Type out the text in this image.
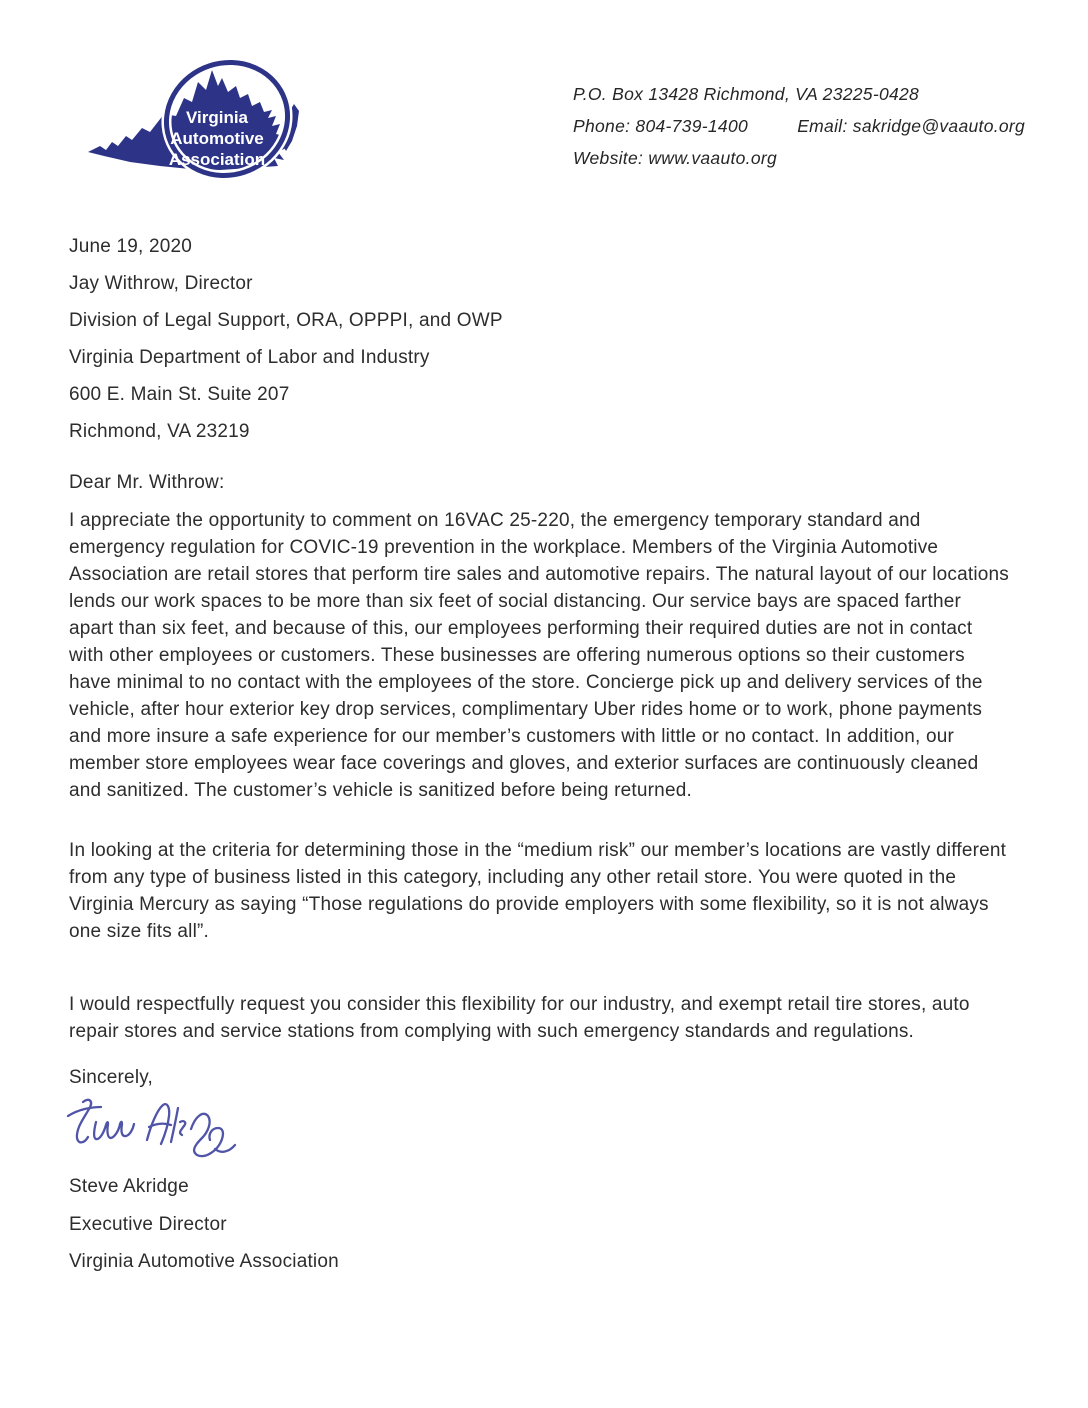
Virginia
Automotive
Association
P.O. Box 13428 Richmond, VA 23225-0428
Phone: 804-739-1400	Email: sakridge@vaauto.org
Website: www.vaauto.org
June 19, 2020
Jay Withrow, Director
Division of Legal Support, ORA, OPPPI, and OWP
Virginia Department of Labor and Industry
600 E. Main St. Suite 207
Richmond, VA 23219
Dear Mr. Withrow:

I appreciate the opportunity to comment on 16VAC 25-220, the emergency temporary standard and emergency regulation for COVIC-19 prevention in the workplace. Members of the Virginia Automotive Association are retail stores that perform tire sales and automotive repairs. The natural layout of our locations lends our work spaces to be more than six feet of social distancing. Our service bays are spaced farther apart than six feet, and because of this, our employees performing their required duties are not in contact with other employees or customers. These businesses are offering numerous options so their customers have minimal to no contact with the employees of the store. Concierge pick up and delivery services of the vehicle, after hour exterior key drop services, complimentary Uber rides home or to work, phone payments and more insure a safe experience for our member’s customers with little or no contact. In addition, our member store employees wear face coverings and gloves, and exterior surfaces are continuously cleaned and sanitized. The customer’s vehicle is sanitized before being returned.

In looking at the criteria for determining those in the “medium risk” our member’s locations are vastly different from any type of business listed in this category, including any other retail store. You were quoted in the Virginia Mercury as saying “Those regulations do provide employers with some flexibility, so it is not always one size fits all”.

I would respectfully request you consider this flexibility for our industry, and exempt retail tire stores, auto repair stores and service stations from complying with such emergency standards and regulations.

Sincerely,
Steve Akridge
Executive Director
Virginia Automotive Association
